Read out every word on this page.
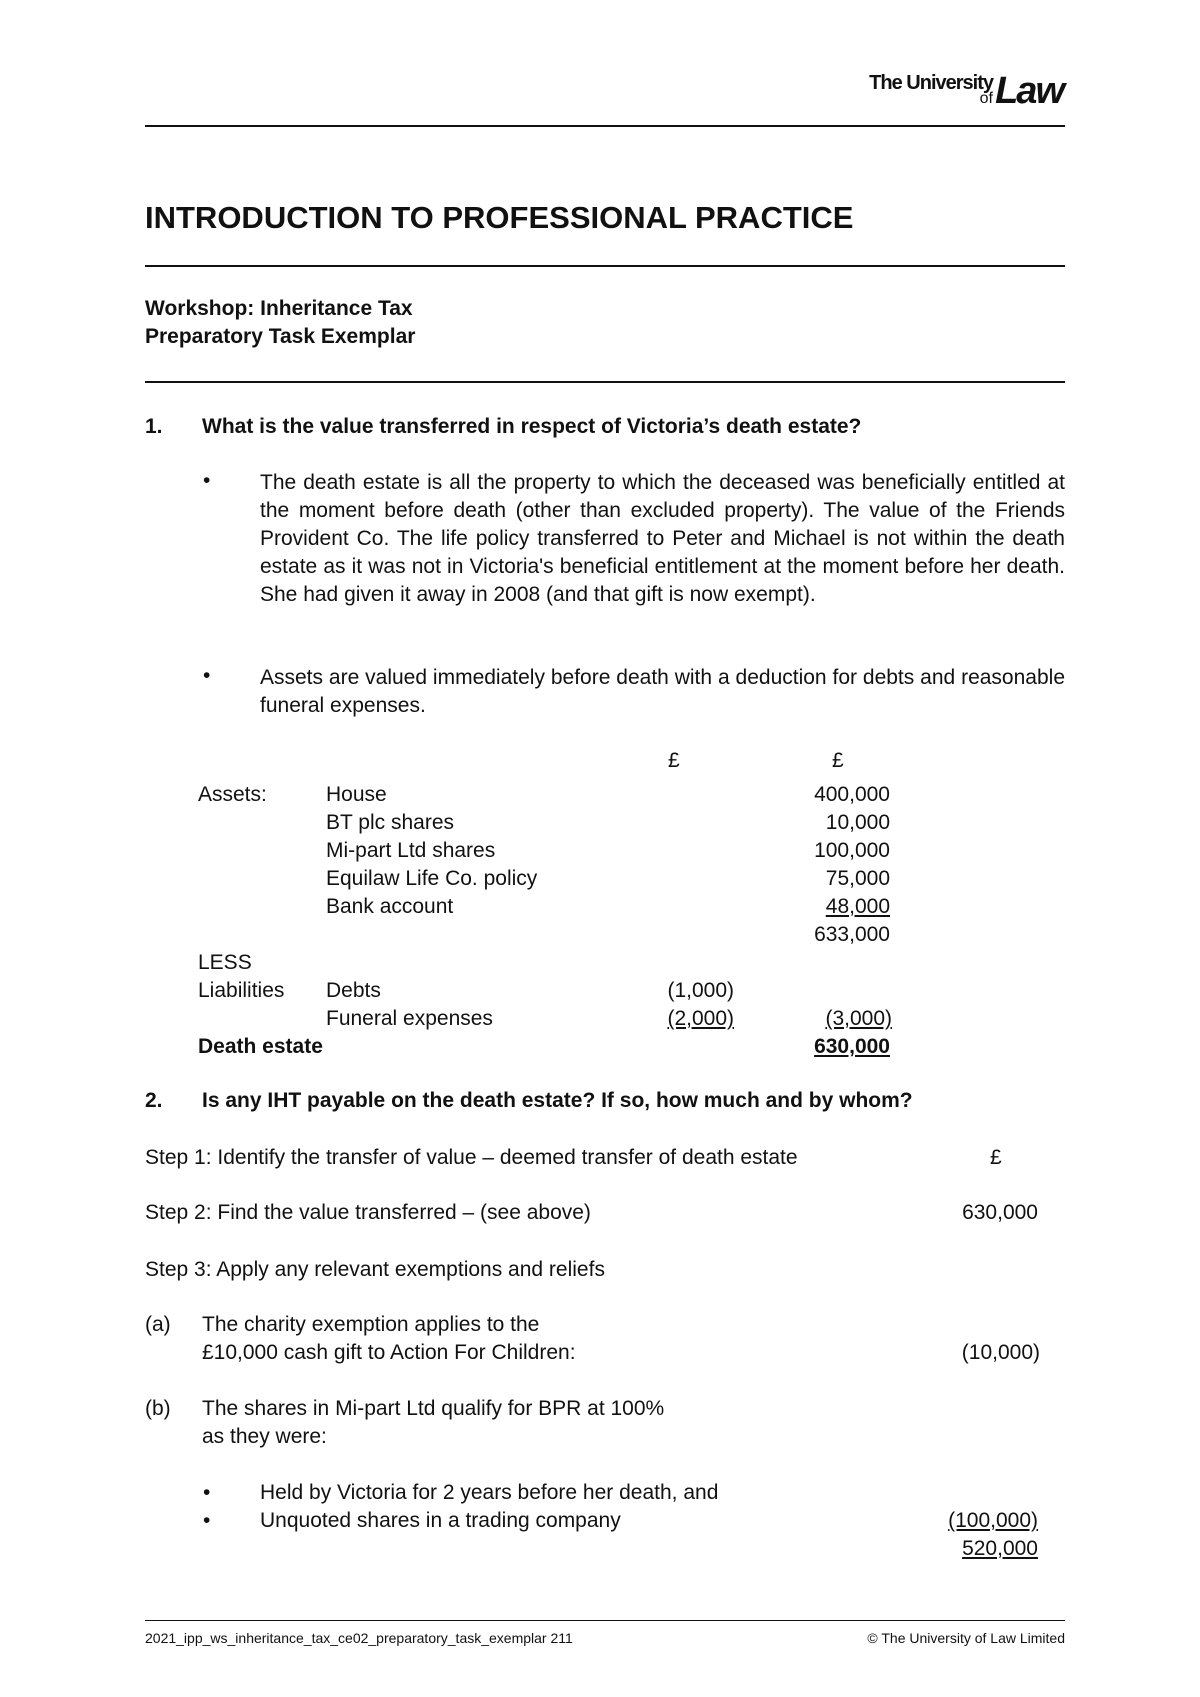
The University
of Law
INTRODUCTION TO PROFESSIONAL PRACTICE
Workshop: Inheritance Tax
Preparatory Task Exemplar
1. What is the value transferred in respect of Victoria’s death estate?
• The death estate is all the property to which the deceased was beneficially entitled at the moment before death (other than excluded property). The value of the Friends Provident Co. The life policy transferred to Peter and Michael is not within the death estate as it was not in Victoria's beneficial entitlement at the moment before her death. She had given it away in 2008 (and that gift is now exempt).
• Assets are valued immediately before death with a deduction for debts and reasonable funeral expenses.
£	£
Assets:	House	400,000
BT plc shares	10,000
Mi-part Ltd shares	100,000
Equilaw Life Co. policy	75,000
Bank account	48,000
633,000
LESS
Liabilities Debts	(1,000)
Funeral expenses	(2,000)	(3,000)
Death estate	630,000
2. Is any IHT payable on the death estate? If so, how much and by whom?
Step 1: Identify the transfer of value – deemed transfer of death estate	£
Step 2: Find the value transferred – (see above)	630,000
Step 3: Apply any relevant exemptions and reliefs
(a) The charity exemption applies to the
£10,000 cash gift to Action For Children:	(10,000)
(b) The shares in Mi-part Ltd qualify for BPR at 100%
as they were:
• Held by Victoria for 2 years before her death, and
• Unquoted shares in a trading company	(100,000)
520,000
2021_ipp_ws_inheritance_tax_ce02_preparatory_task_exemplar 211	© The University of Law Limited
